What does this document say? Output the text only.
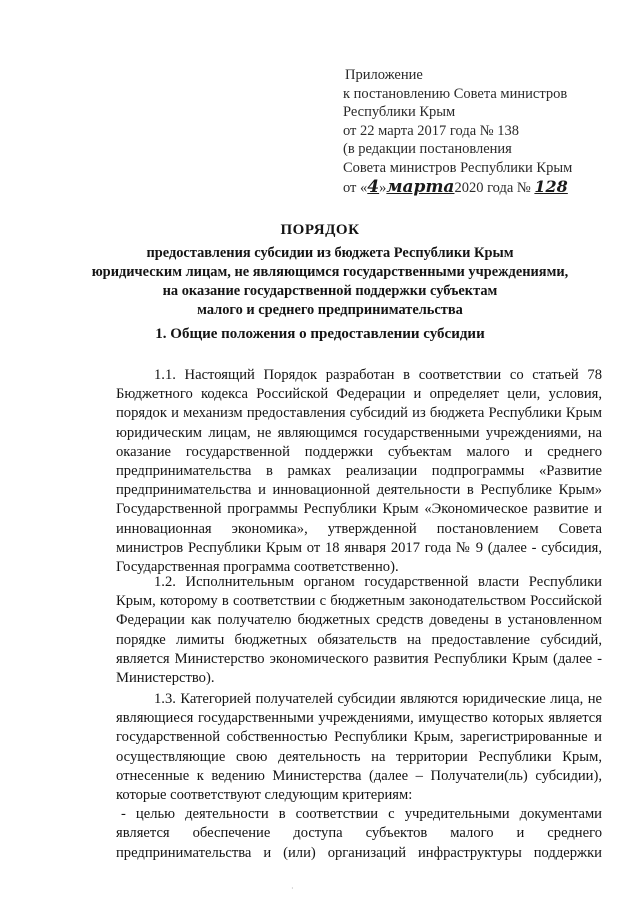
Приложение
к постановлению Совета министров
Республики Крым
от 22 марта 2017 года № 138
(в редакции постановления
Совета министров Республики Крым
от «4»марта2020 года № 128
ПОРЯДОК
предоставления субсидии из бюджета Республики Крым
юридическим лицам, не являющимся государственными учреждениями,
на оказание государственной поддержки субъектам
малого и среднего предпринимательства
1. Общие положения о предоставлении субсидии
1.1. Настоящий Порядок разработан в соответствии со статьей 78
Бюджетного кодекса Российской Федерации и определяет цели, условия,
порядок и механизм предоставления субсидий из бюджета Республики Крым
юридическим лицам, не являющимся государственными учреждениями, на
оказание государственной поддержки субъектам малого и среднего
предпринимательства в рамках реализации подпрограммы «Развитие
предпринимательства и инновационной деятельности в Республике Крым»
Государственной программы Республики Крым «Экономическое развитие и
инновационная экономика», утвержденной постановлением Совета
министров Республики Крым от 18 января 2017 года № 9 (далее - субсидия,
Государственная программа соответственно).
1.2. Исполнительным органом государственной власти Республики
Крым, которому в соответствии с бюджетным законодательством Российской
Федерации как получателю бюджетных средств доведены в установленном
порядке лимиты бюджетных обязательств на предоставление субсидий,
является Министерство экономического развития Республики Крым (далее -
Министерство).
1.3. Категорией получателей субсидии являются юридические лица, не
являющиеся государственными учреждениями, имущество которых является
государственной собственностью Республики Крым, зарегистрированные и
осуществляющие свою деятельность на территории Республики Крым,
отнесенные к ведению Министерства (далее – Получатели(ль) субсидии),
которые соответствуют следующим критериям:
- целью деятельности в соответствии с учредительными документами
является обеспечение доступа субъектов малого и среднего
предпринимательства и (или) организаций инфраструктуры поддержки
·
